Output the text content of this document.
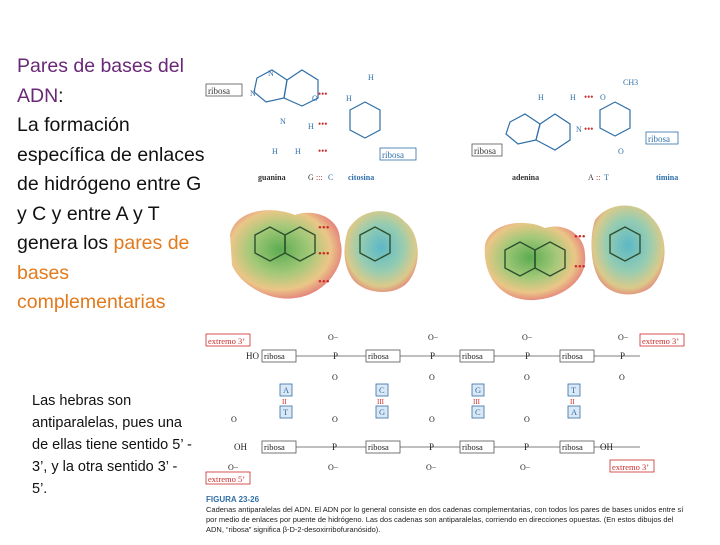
Pares de bases del
ADN:
La formación específica de enlaces de hidrógeno entre G y C y entre A y T genera los pares de bases complementarias
Las hebras son antiparalelas, pues una de ellas tiene sentido 5’ - 3’, y la otra sentido 3’ - 5’.
ribosa
N
N
N
O	H
H
H
H H
•••
•••
•••	ribosa
guanina	G ::: C citosina
ribosa
H	H
N
CH3
O
O
•••
•••
ribosa
adenina	A :: T	timina
•••
•••
•••
•••
•••
extremo 3’	extremo 3’
HO
OH
ribosa	ribosa	ribosa	ribosa
P	P	P	P
O−	O−	O−	O−
O	O	O	O
A	C	G	T
II	III	III	II
T	G	C	A
O	O	O	O
P	P	P
ribosa	ribosa	ribosa	ribosa OH
O−	O−	O−	O−
extremo 5’
extremo 3’
FIGURA 23-26
Cadenas antiparalelas del ADN. El ADN por lo general consiste en dos cadenas complementarias, con todos los pares de bases unidos entre sí por medio de enlaces por puente de hidrógeno. Las dos cadenas son antiparalelas, corriendo en direcciones opuestas. (En estos dibujos del ADN, “ribosa” significa β-D-2-desoxirribofuranósido).
